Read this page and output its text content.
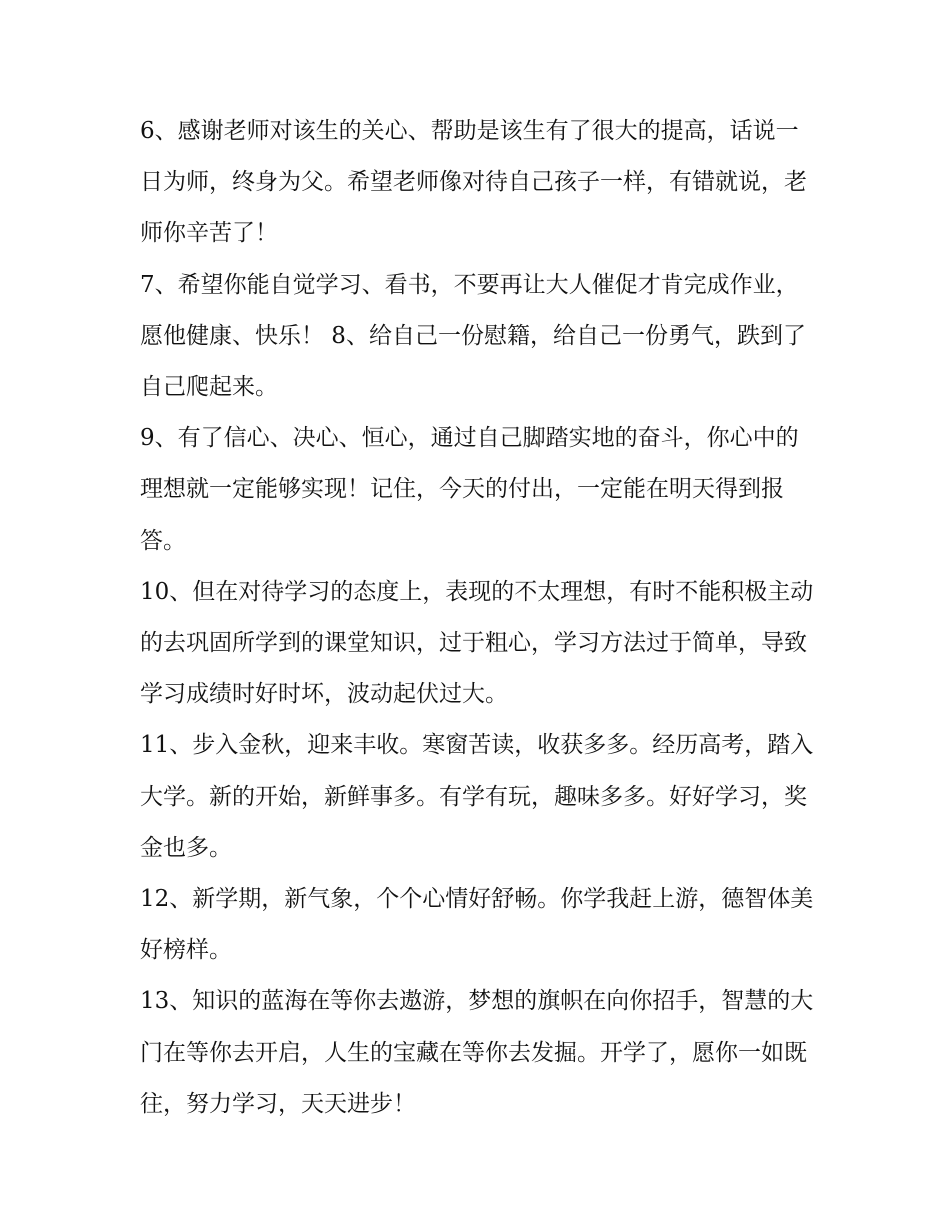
6、感谢老师对该生的关心、帮助是该生有了很大的提高，话说一日为师，终身为父。希望老师像对待自己孩子一样，有错就说，老师你辛苦了！

7、希望你能自觉学习、看书，不要再让大人催促才肯完成作业，愿他健康、快乐！ 8、给自己一份慰籍，给自己一份勇气，跌到了自己爬起来。

9、有了信心、决心、恒心，通过自己脚踏实地的奋斗，你心中的理想就一定能够实现！记住，今天的付出，一定能在明天得到报答。

10、但在对待学习的态度上，表现的不太理想，有时不能积极主动的去巩固所学到的课堂知识，过于粗心，学习方法过于简单，导致学习成绩时好时坏，波动起伏过大。

11、步入金秋，迎来丰收。寒窗苦读，收获多多。经历高考，踏入大学。新的开始，新鲜事多。有学有玩，趣味多多。好好学习，奖金也多。

12、新学期，新气象，个个心情好舒畅。你学我赶上游，德智体美好榜样。

13、知识的蓝海在等你去遨游，梦想的旗帜在向你招手，智慧的大门在等你去开启，人生的宝藏在等你去发掘。开学了，愿你一如既往，努力学习，天天进步！
